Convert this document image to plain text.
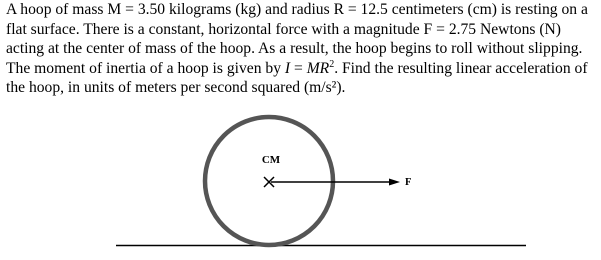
A hoop of mass M = 3.50 kilograms (kg) and radius R = 12.5 centimeters (cm) is resting on a flat surface. There is a constant, horizontal force with a magnitude F = 2.75 Newtons (N) acting at the center of mass of the hoop. As a result, the hoop begins to roll without slipping. The moment of inertia of a hoop is given by $I = MR^2$. Find the resulting linear acceleration of the hoop, in units of meters per second squared (m/s²).

CM
F
